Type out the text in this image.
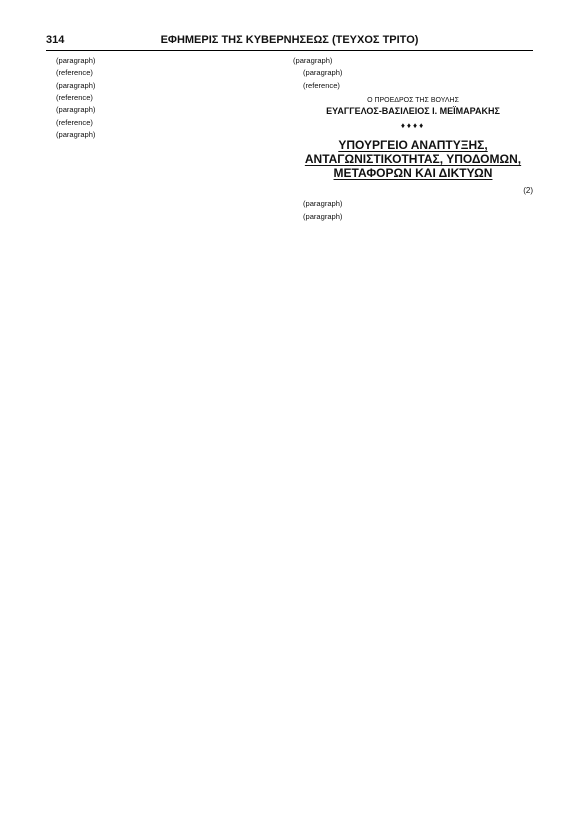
314	ΕΦΗΜΕΡΙΣ ΤΗΣ ΚΥΒΕΡΝΗΣΕΩΣ (ΤΕΥΧΟΣ ΤΡΙΤΟ)

(paragraph)

(reference)

(paragraph)

(reference)

(paragraph)

(reference)

(paragraph)

(paragraph)

(paragraph)

(reference)

Ο ΠΡΟΕΔΡΟΣ ΤΗΣ ΒΟΥΛΗΣ
ΕΥΑΓΓΕΛΟΣ-ΒΑΣΙΛΕΙΟΣ Ι. ΜΕΪΜΑΡΑΚΗΣ
♦♦♦♦
ΥΠΟΥΡΓΕΙΟ ΑΝΑΠΤΥΞΗΣ,
ΑΝΤΑΓΩΝΙΣΤΙΚΟΤΗΤΑΣ, ΥΠΟΔΟΜΩΝ,
ΜΕΤΑΦΟΡΩΝ ΚΑΙ ΔΙΚΤΥΩΝ
(2)

(paragraph)

(paragraph)
